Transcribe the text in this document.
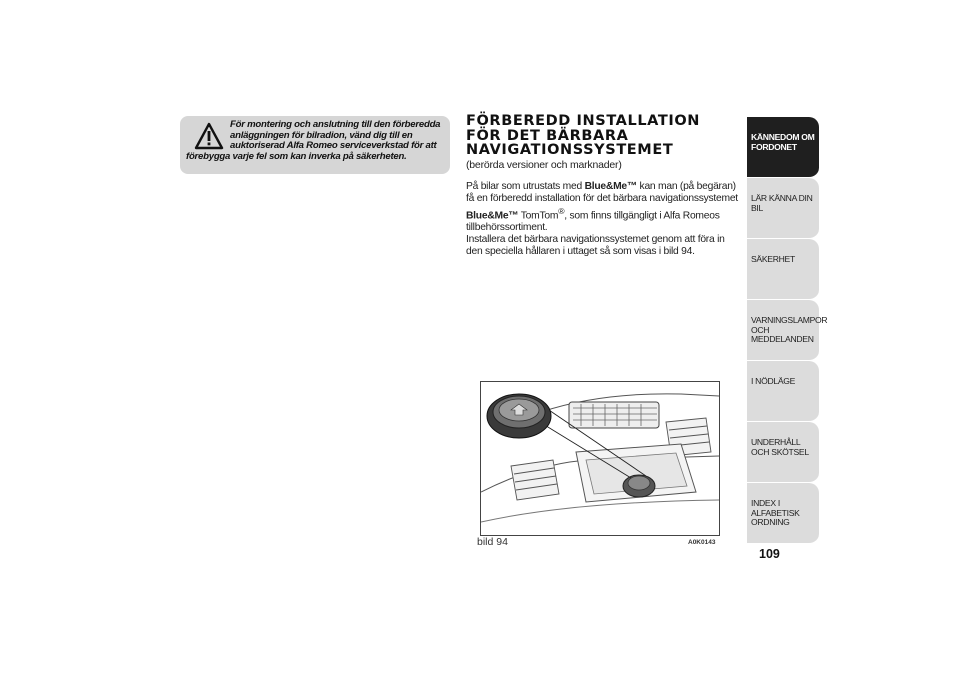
För montering och anslutning till den förberedda anläggningen för bilradion, vänd dig till en auktoriserad Alfa Romeo serviceverkstad för att
förebygga varje fel som kan inverka på säkerheten.
FÖRBEREDD INSTALLATION
FÖR DET BÄRBARA
NAVIGATIONSSYSTEMET
(berörda versioner och marknader)

På bilar som utrustats med Blue&Me™ kan man (på begäran) få en förberedd installation för det bärbara navigationssystemet Blue&Me™ TomTom®, som finns tillgängligt i Alfa Romeos tillbehörssortiment.

Installera det bärbara navigationssystemet genom att föra in den speciella hållaren i uttaget så som visas i bild 94.

bild 94	A0K0143
KÄNNEDOM OM FORDONET
LÄR KÄNNA DIN BIL
SÄKERHET
VARNINGSLAMPOR OCH MEDDELANDEN
I NÖDLÄGE
UNDERHÅLL OCH SKÖTSEL
INDEX I ALFABETISK ORDNING
109
